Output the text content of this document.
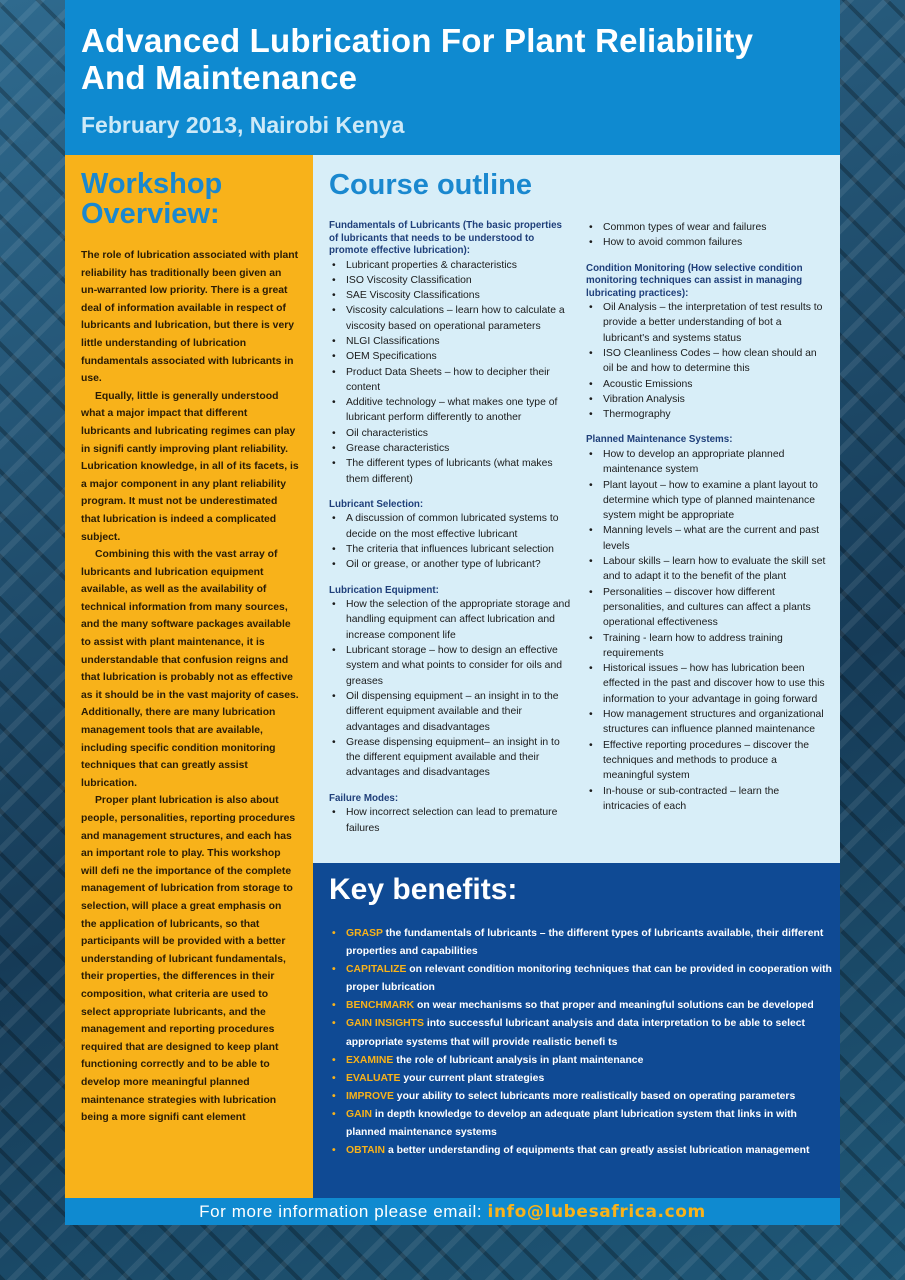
Advanced Lubrication For Plant Reliability And Maintenance
February 2013, Nairobi Kenya
Workshop Overview:

The role of lubrication associated with plant reliability has traditionally been given an un-warranted low priority. There is a great deal of information available in respect of lubricants and lubrication, but there is very little understanding of lubrication fundamentals associated with lubricants in use.

Equally, little is generally understood what a major impact that different lubricants and lubricating regimes can play in signifi cantly improving plant reliability. Lubrication knowledge, in all of its facets, is a major component in any plant reliability program. It must not be underestimated that lubrication is indeed a complicated subject.

Combining this with the vast array of lubricants and lubrication equipment available, as well as the availability of technical information from many sources, and the many software packages available to assist with plant maintenance, it is understandable that confusion reigns and that lubrication is probably not as effective as it should be in the vast majority of cases. Additionally, there are many lubrication management tools that are available, including specific condition monitoring techniques that can greatly assist lubrication.

Proper plant lubrication is also about people, personalities, reporting procedures and management structures, and each has an important role to play. This workshop will defi ne the importance of the complete management of lubrication from storage to selection, will place a great emphasis on the application of lubricants, so that participants will be provided with a better understanding of lubricant fundamentals, their properties, the differences in their composition, what criteria are used to select appropriate lubricants, and the management and reporting procedures required that are designed to keep plant functioning correctly and to be able to develop more meaningful planned maintenance strategies with lubrication being a more signifi cant element

Course outline
Fundamentals of Lubricants (The basic properties of lubricants that needs to be understood to promote effective lubrication):
• Lubricant properties & characteristics
• ISO Viscosity Classification
• SAE Viscosity Classifications
• Viscosity calculations – learn how to calculate a viscosity based on operational parameters
• NLGI Classifications
• OEM Specifications
• Product Data Sheets – how to decipher their content
• Additive technology – what makes one type of lubricant perform differently to another
• Oil characteristics
• Grease characteristics
• The different types of lubricants (what makes them different)
Lubricant Selection:
• A discussion of common lubricated systems to decide on the most effective lubricant
• The criteria that influences lubricant selection
• Oil or grease, or another type of lubricant?
Lubrication Equipment:
• How the selection of the appropriate storage and handling equipment can affect lubrication and increase component life
• Lubricant storage – how to design an effective system and what points to consider for oils and greases
• Oil dispensing equipment – an insight in to the different equipment available and their advantages and disadvantages
• Grease dispensing equipment– an insight in to the different equipment available and their advantages and disadvantages
Failure Modes:
• How incorrect selection can lead to premature failures
• Common types of wear and failures
• How to avoid common failures
Condition Monitoring (How selective condition monitoring techniques can assist in managing lubricating practices):
• Oil Analysis – the interpretation of test results to provide a better understanding of bot a lubricant's and systems status
• ISO Cleanliness Codes – how clean should an oil be and how to determine this
• Acoustic Emissions
• Vibration Analysis
• Thermography
Planned Maintenance Systems:
• How to develop an appropriate planned maintenance system
• Plant layout – how to examine a plant layout to determine which type of planned maintenance system might be appropriate
• Manning levels – what are the current and past levels
• Labour skills – learn how to evaluate the skill set and to adapt it to the benefit of the plant
• Personalities – discover how different personalities, and cultures can affect a plants operational effectiveness
• Training - learn how to address training requirements
• Historical issues – how has lubrication been effected in the past and discover how to use this information to your advantage in going forward
• How management structures and organizational structures can influence planned maintenance
• Effective reporting procedures – discover the techniques and methods to produce a meaningful system
• In-house or sub-contracted – learn the intricacies of each
Key benefits:
• GRASP the fundamentals of lubricants – the different types of lubricants available, their different properties and capabilities
• CAPITALIZE on relevant condition monitoring techniques that can be provided in cooperation with proper lubrication
• BENCHMARK on wear mechanisms so that proper and meaningful solutions can be developed
• GAIN INSIGHTS into successful lubricant analysis and data interpretation to be able to select appropriate systems that will provide realistic benefi ts
• EXAMINE the role of lubricant analysis in plant maintenance
• EVALUATE your current plant strategies
• IMPROVE your ability to select lubricants more realistically based on operating parameters
• GAIN in depth knowledge to develop an adequate plant lubrication system that links in with planned maintenance systems
• OBTAIN a better understanding of equipments that can greatly assist lubrication management
For more information please email: info@lubesafrica.com
